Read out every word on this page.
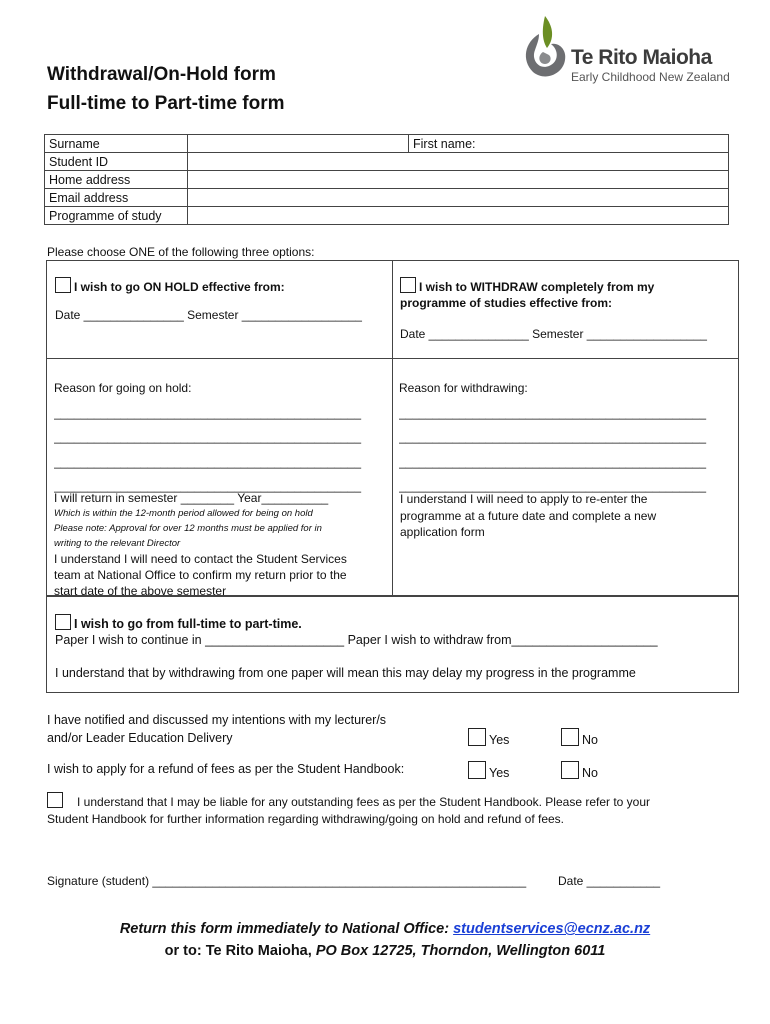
Te Rito Maioha
Early Childhood New Zealand
Withdrawal/On-Hold form
Full-time to Part-time form
Surname		First name:
Student ID		
Home address		
Email address		
Programme of study		
Please choose ONE of the following three options:
I wish to go ON HOLD effective from:
Date _______________ Semester __________________
Reason for going on hold:
______________________________________________
______________________________________________
______________________________________________
______________________________________________
I will return in semester ________ Year__________
Which is within the 12-month period allowed for being on hold
Please note: Approval for over 12 months must be applied for in
writing to the relevant Director
I understand I will need to contact the Student Services
team at National Office to confirm my return prior to the
start date of the above semester
I wish to WITHDRAW completely from my
programme of studies effective from:
Date _______________ Semester __________________
Reason for withdrawing:
______________________________________________
______________________________________________
______________________________________________
______________________________________________
I understand I will need to apply to re-enter the
programme at a future date and complete a new
application form
I wish to go from full-time to part-time.
Paper I wish to continue in ____________________ Paper I wish to withdraw from_____________________
I understand that by withdrawing from one paper will mean this may delay my progress in the programme
I have notified and discussed my intentions with my lecturer/s
and/or Leader Education Delivery	Yes	No
I wish to apply for a refund of fees as per the Student Handbook:	Yes	No
I understand that I may be liable for any outstanding fees as per the Student Handbook. Please refer to your
Student Handbook for further information regarding withdrawing/going on hold and refund of fees.
Signature (student) ________________________________________________________	Date ___________
Return this form immediately to National Office: studentservices@ecnz.ac.nz
or to: Te Rito Maioha, PO Box 12725, Thorndon, Wellington 6011
